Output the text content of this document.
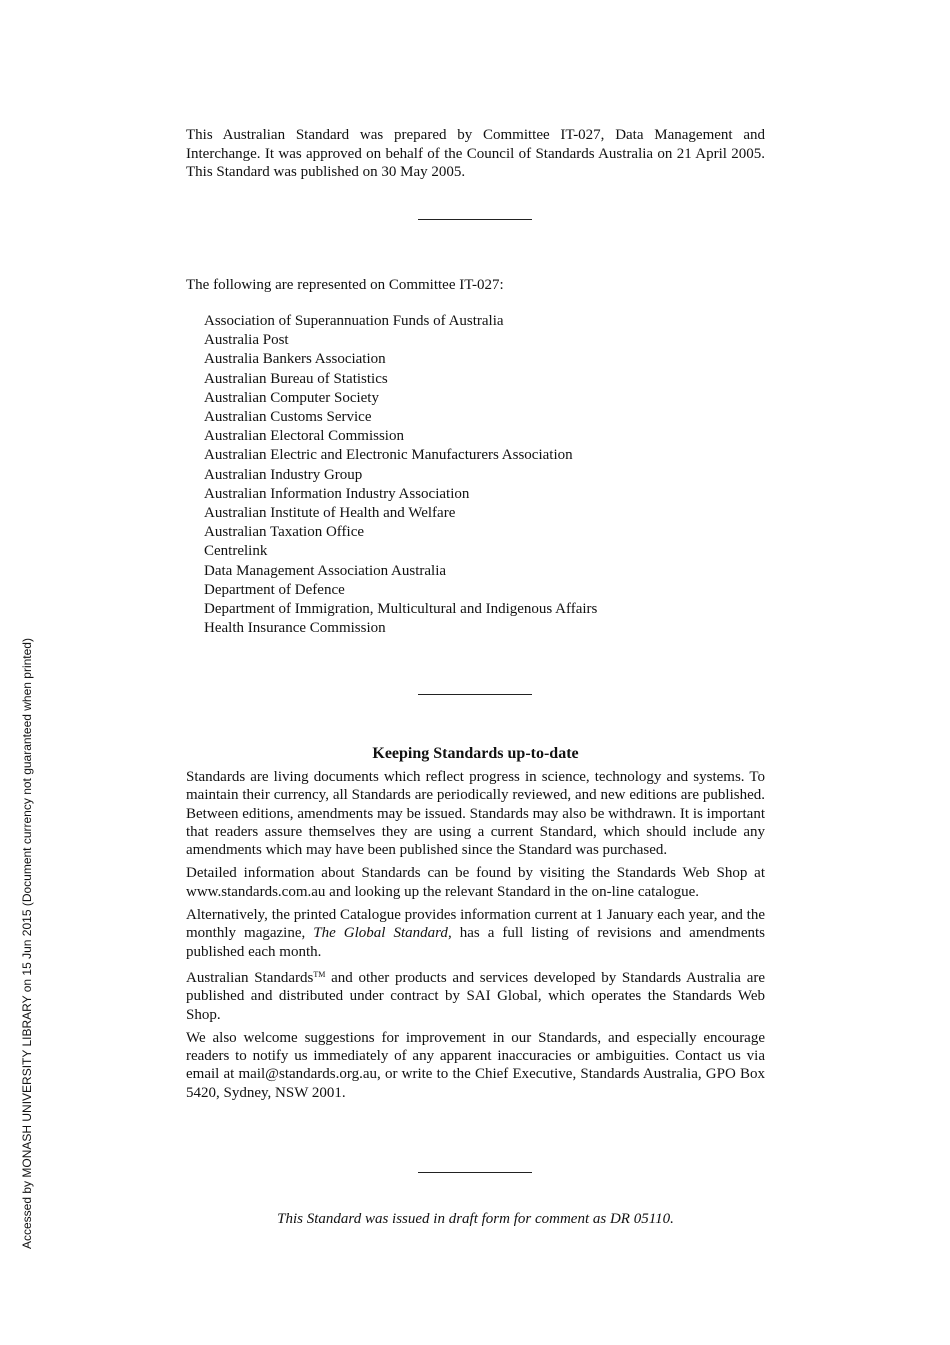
This Australian Standard was prepared by Committee IT-027, Data Management and Interchange. It was approved on behalf of the Council of Standards Australia on 21 April 2005. This Standard was published on 30 May 2005.

The following are represented on Committee IT-027:

Association of Superannuation Funds of Australia
Australia Post
Australia Bankers Association
Australian Bureau of Statistics
Australian Computer Society
Australian Customs Service
Australian Electoral Commission
Australian Electric and Electronic Manufacturers Association
Australian Industry Group
Australian Information Industry Association
Australian Institute of Health and Welfare
Australian Taxation Office
Centrelink
Data Management Association Australia
Department of Defence
Department of Immigration, Multicultural and Indigenous Affairs
Health Insurance Commission
Keeping Standards up-to-date

Standards are living documents which reflect progress in science, technology and systems. To maintain their currency, all Standards are periodically reviewed, and new editions are published. Between editions, amendments may be issued. Standards may also be withdrawn. It is important that readers assure themselves they are using a current Standard, which should include any amendments which may have been published since the Standard was purchased.

Detailed information about Standards can be found by visiting the Standards Web Shop at www.standards.com.au and looking up the relevant Standard in the on-line catalogue.

Alternatively, the printed Catalogue provides information current at 1 January each year, and the monthly magazine, The Global Standard, has a full listing of revisions and amendments published each month.

Australian Standards™ and other products and services developed by Standards Australia are published and distributed under contract by SAI Global, which operates the Standards Web Shop.

We also welcome suggestions for improvement in our Standards, and especially encourage readers to notify us immediately of any apparent inaccuracies or ambiguities. Contact us via email at mail@standards.org.au, or write to the Chief Executive, Standards Australia, GPO Box 5420, Sydney, NSW 2001.

This Standard was issued in draft form for comment as DR 05110.

Accessed by MONASH UNIVERSITY LIBRARY on 15 Jun 2015 (Document currency not guaranteed when printed)
